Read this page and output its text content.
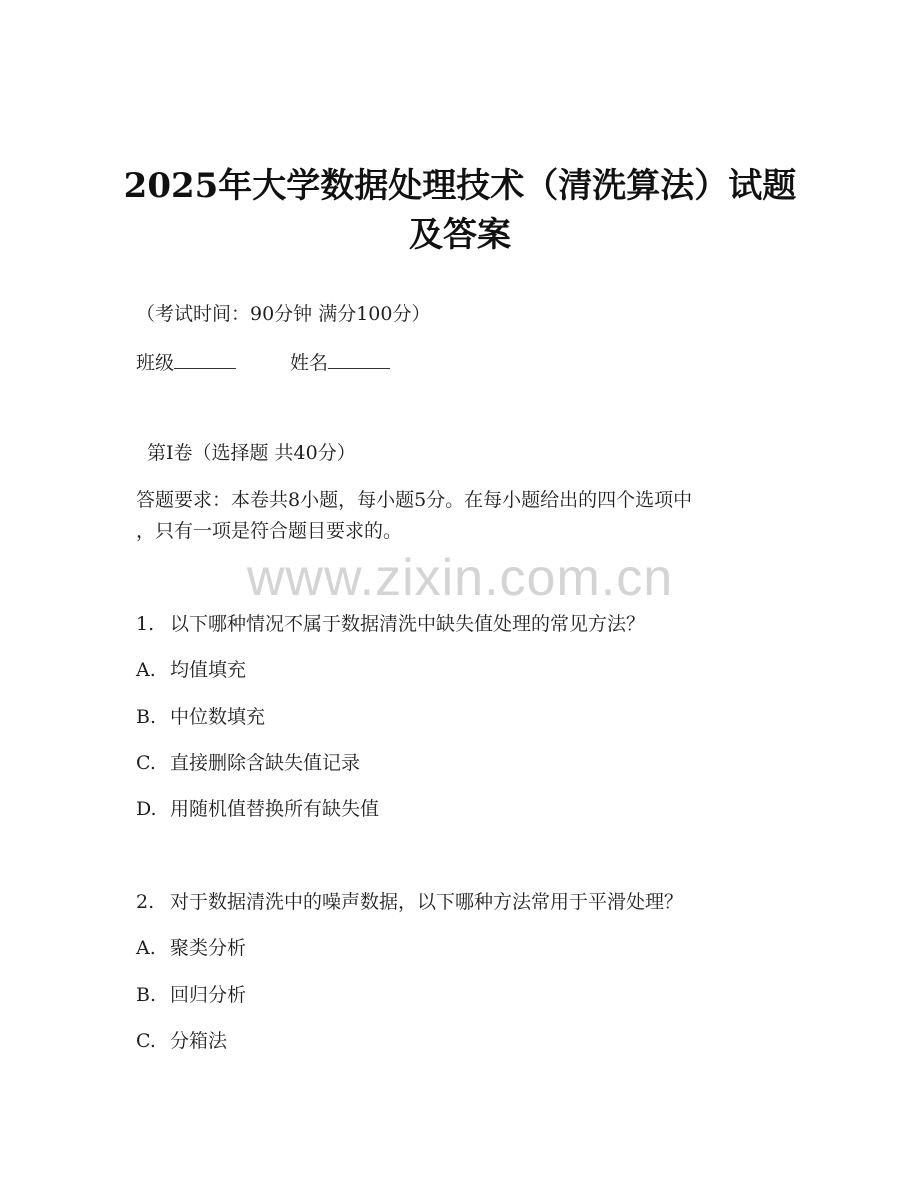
2025年大学数据处理技术（清洗算法）试题
及答案
（考试时间：90分钟 满分100分）
班级	姓名
第I卷（选择题 共40分）
答题要求：本卷共8小题，每小题5分。在每小题给出的四个选项中
，只有一项是符合题目要求的。
www.zixin.com.cn
1. 以下哪种情况不属于数据清洗中缺失值处理的常见方法？
A. 均值填充
B. 中位数填充
C. 直接删除含缺失值记录
D. 用随机值替换所有缺失值
2. 对于数据清洗中的噪声数据，以下哪种方法常用于平滑处理？
A. 聚类分析
B. 回归分析
C. 分箱法
